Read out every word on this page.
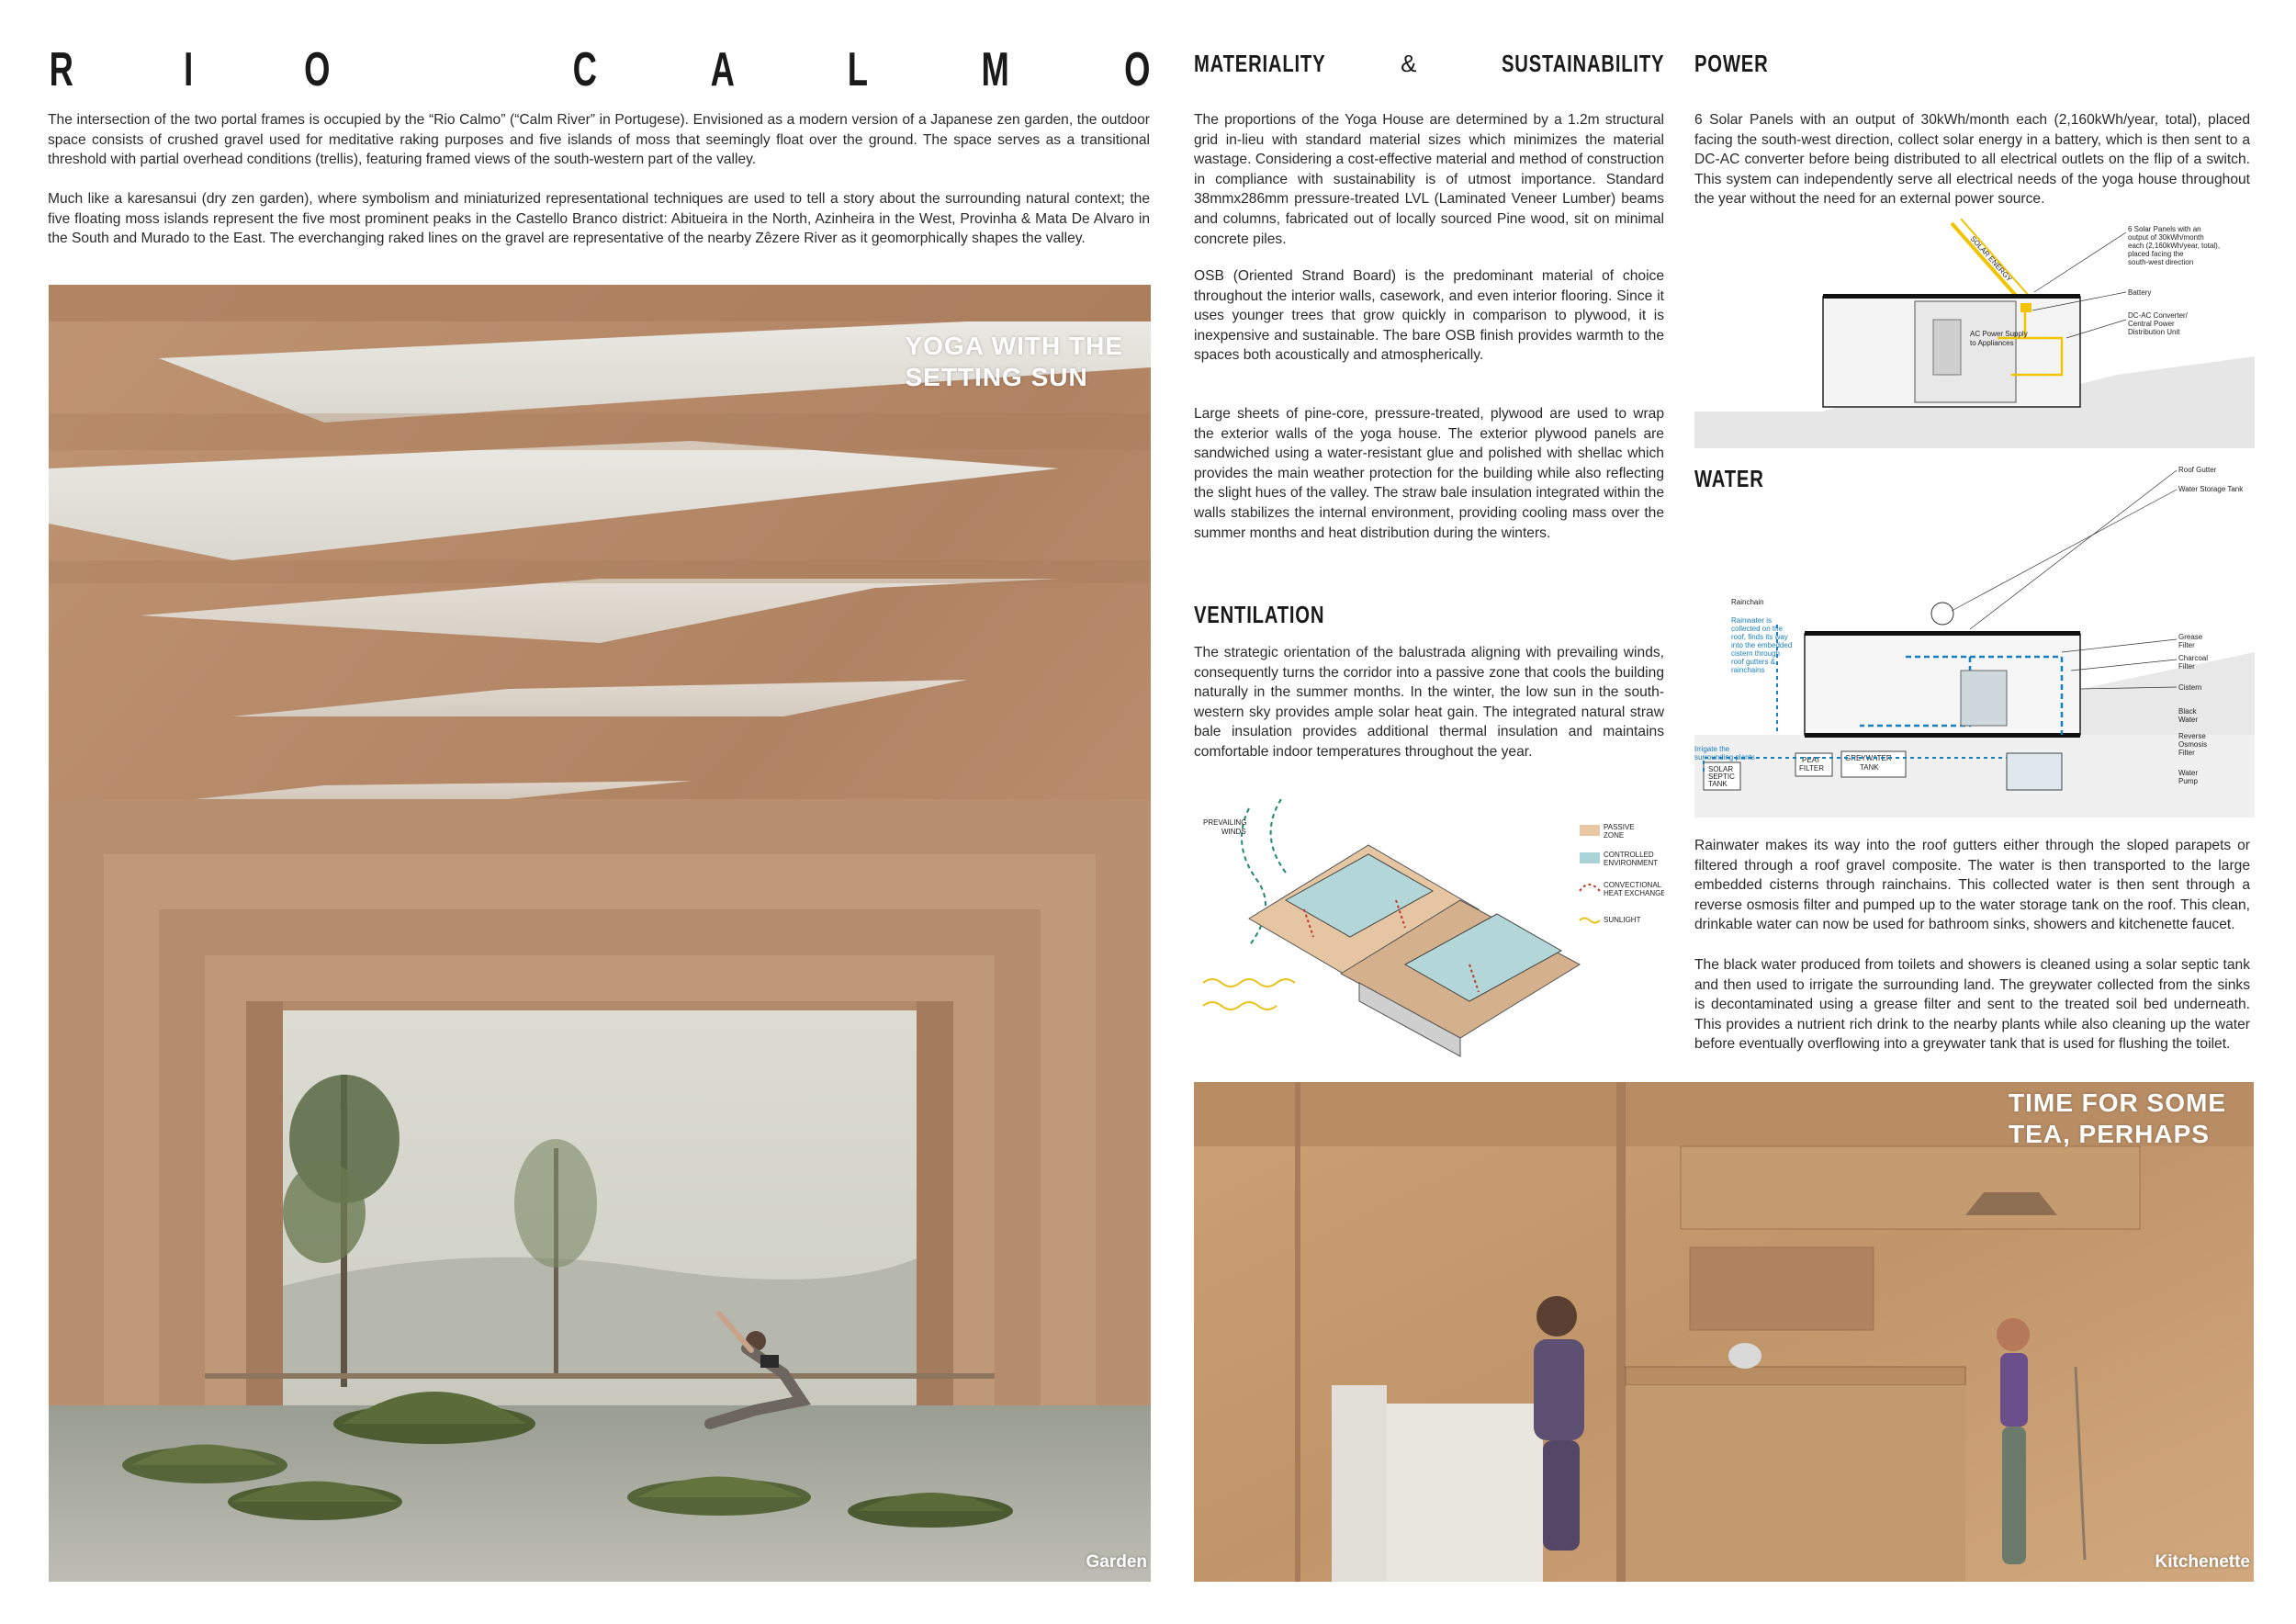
R I O	C A L M O

The intersection of the two portal frames is occupied by the “Rio Calmo” (“Calm River” in Portugese). Envisioned as a modern version of a Japanese zen garden, the outdoor space consists of crushed gravel used for meditative raking purposes and five islands of moss that seemingly float over the ground. The space serves as a transitional threshold with partial overhead conditions (trellis), featuring framed views of the south-western part of the valley.

Much like a karesansui (dry zen garden), where symbolism and miniaturized representational techniques are used to tell a story about the surrounding natural context; the five floating moss islands represent the five most prominent peaks in the Castello Branco district: Abitueira in the North, Azinheira in the West, Provinha & Mata De Alvaro in the South and Murado to the East. The everchanging raked lines on the gravel are representative of the nearby Zêzere River as it geomorphically shapes the valley.

YOGA WITH THE
SETTING SUN
Garden
MATERIALITY	&	SUSTAINABILITY

The proportions of the Yoga House are determined by a 1.2m structural grid in-lieu with standard material sizes which minimizes the material wastage. Considering a cost-effective material and method of construction in compliance with sustainability is of utmost importance. Standard 38mmx286mm pressure-treated LVL (Laminated Veneer Lumber) beams and columns, fabricated out of locally sourced Pine wood, sit on minimal concrete piles.

OSB (Oriented Strand Board) is the predominant material of choice throughout the interior walls, casework, and even interior flooring. Since it uses younger trees that grow quickly in comparison to plywood, it is inexpensive and sustainable. The bare OSB finish provides warmth to the spaces both acoustically and atmospherically.

Large sheets of pine-core, pressure-treated, plywood are used to wrap the exterior walls of the yoga house. The exterior plywood panels are sandwiched using a water-resistant glue and polished with shellac which provides the main weather protection for the building while also reflecting the slight hues of the valley. The straw bale insulation integrated within the walls stabilizes the internal environment, providing cooling mass over the summer months and heat distribution during the winters.

VENTILATION

The strategic orientation of the balustrada aligning with prevailing winds, consequently turns the corridor into a passive zone that cools the building naturally in the summer months. In the winter, the low sun in the south-western sky provides ample solar heat gain. The integrated natural straw bale insulation provides additional thermal insulation and maintains comfortable indoor temperatures throughout the year.

PREVAILING
WINDS
PASSIVE
ZONE
CONTROLLED
ENVIRONMENT
CONVECTIONAL
HEAT EXCHANGE
SUNLIGHT
POWER

6 Solar Panels with an output of 30kWh/month each (2,160kWh/year, total), placed facing the south-west direction, collect solar energy in a battery, which is then sent to a DC-AC converter before being distributed to all electrical outlets on the flip of a switch. This system can independently serve all electrical needs of the yoga house throughout the year without the need for an external power source.

SOLAR ENERGY
AC Power Supply
to Appliances
6 Solar Panels with an
output of 30kWh/month
each (2,160kWh/year, total),
placed facing the
south-west direction
Battery
DC-AC Converter/
Central Power
Distribution Unit
WATER
SOLAR
SEPTIC
TANK
PEAT
FILTER
GREYWATER
TANK
Rainchain
Rainwater is
collected on the
roof, finds its way
into the embedded
cistern through
roof gutters &
rainchains
Irrigate the
surrounding plants
Roof Gutter
Water Storage Tank
Grease
Filter
Charcoal
Filter
Cistern
Black
Water
Reverse
Osmosis
Filter
Water
Pump

Rainwater makes its way into the roof gutters either through the sloped parapets or filtered through a roof gravel composite. The water is then transported to the large embedded cisterns through rainchains. This collected water is then sent through a reverse osmosis filter and pumped up to the water storage tank on the roof. This clean, drinkable water can now be used for bathroom sinks, showers and kitchenette faucet.

The black water produced from toilets and showers is cleaned using a solar septic tank and then used to irrigate the surrounding land. The greywater collected from the sinks is decontaminated using a grease filter and sent to the treated soil bed underneath. This provides a nutrient rich drink to the nearby plants while also cleaning up the water before eventually overflowing into a greywater tank that is used for flushing the toilet.

TIME FOR SOME
TEA, PERHAPS
Kitchenette
